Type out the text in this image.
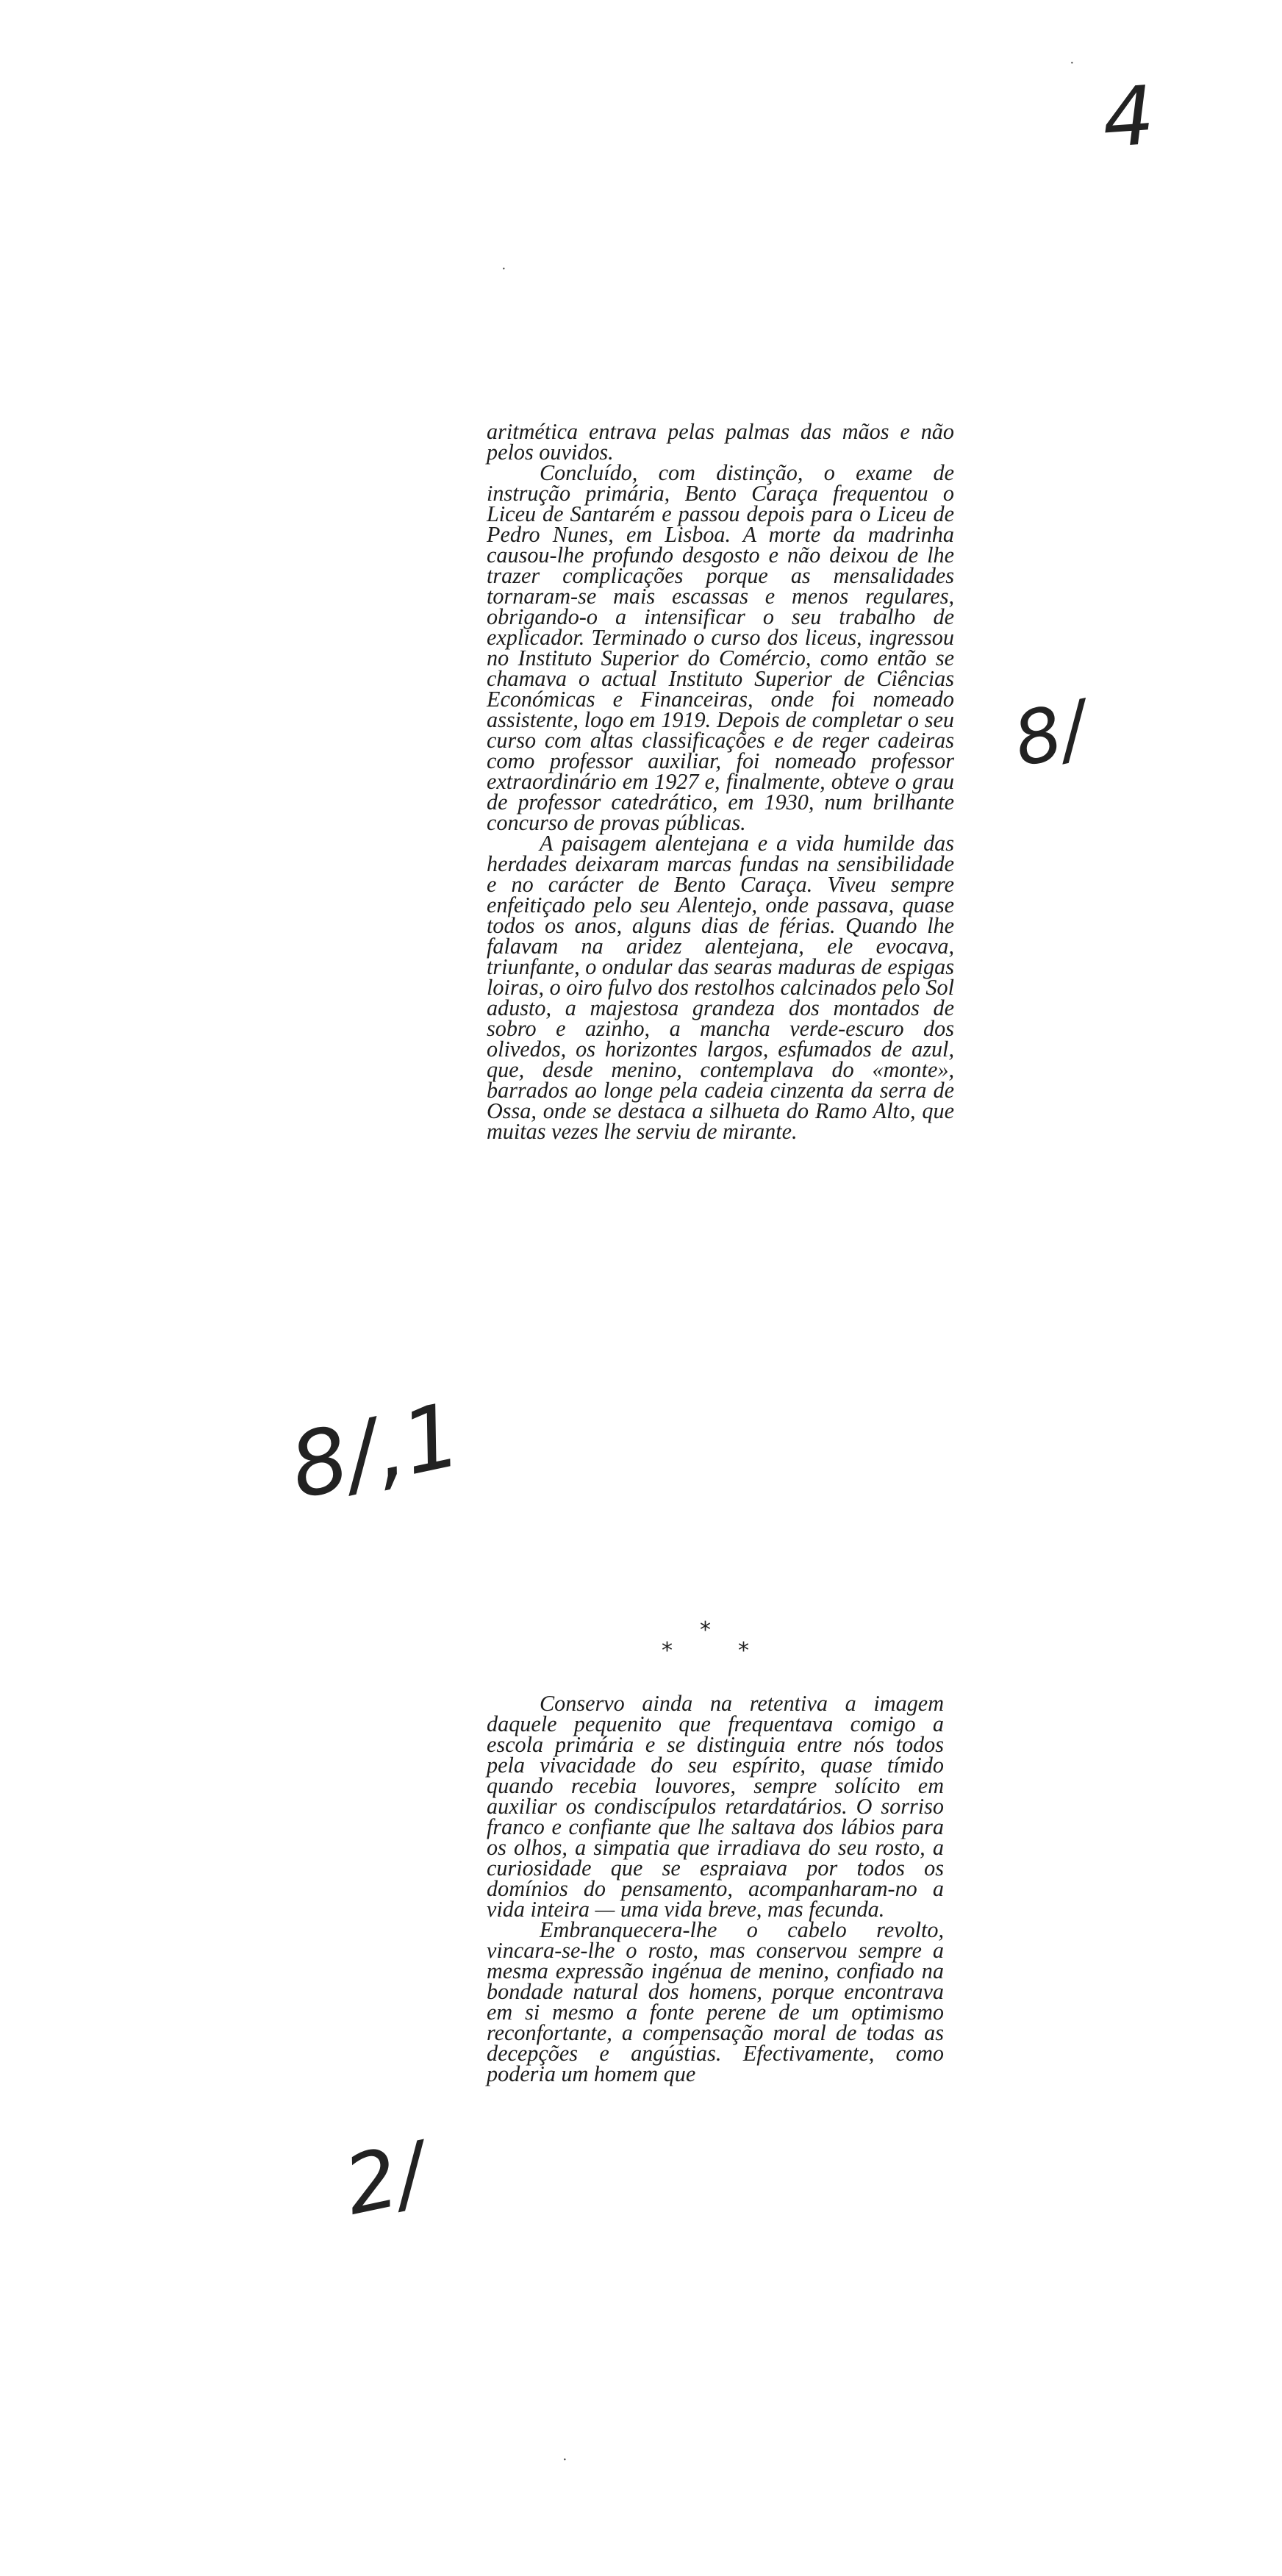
4

aritmética entrava pelas palmas das mãos e não pelos ouvidos.

Concluído, com distinção, o exame de instrução primária, Bento Caraça frequentou o Liceu de Santarém e passou depois para o Liceu de Pedro Nunes, em Lisboa. A morte da madrinha causou-lhe profundo desgosto e não deixou de lhe trazer complicações porque as mensalidades tornaram-se mais escassas e menos regulares, obrigando-o a intensificar o seu trabalho de explicador. Terminado o curso dos liceus, ingressou no Instituto Superior do Comércio, como então se chamava o actual Instituto Superior de Ciências Económicas e Financeiras, onde foi nomeado assistente, logo em 1919. Depois de completar o seu curso com altas classificações e de reger cadeiras como professor auxiliar, foi nomeado professor extraordinário em 1927 e, finalmente, obteve o grau de professor catedrático, em 1930, num brilhante concurso de provas públicas.

A paisagem alentejana e a vida humilde das herdades deixaram marcas fundas na sensibilidade e no carácter de Bento Caraça. Viveu sempre enfeitiçado pelo seu Alentejo, onde passava, quase todos os anos, alguns dias de férias. Quando lhe falavam na aridez alentejana, ele evocava, triunfante, o ondular das searas maduras de espigas loiras, o oiro fulvo dos restolhos calcinados pelo Sol adusto, a majestosa grandeza dos montados de sobro e azinho, a mancha verde-escuro dos olivedos, os horizontes largos, esfumados de azul, que, desde menino, contemplava do «monte», barrados ao longe pela cadeia cinzenta da serra de Ossa, onde se destaca a silhueta do Ramo Alto, que muitas vezes lhe serviu de mirante.

*
*	*

Conservo ainda na retentiva a imagem daquele pequenito que frequentava comigo a escola primária e se distinguia entre nós todos pela vivacidade do seu espírito, quase tímido quando recebia louvores, sempre solícito em auxiliar os condiscípulos retardatários. O sorriso franco e confiante que lhe saltava dos lábios para os olhos, a simpatia que irradiava do seu rosto, a curiosidade que se espraiava por todos os domínios do pensamento, acompanharam-no a vida inteira — uma vida breve, mas fecunda.

Embranquecera-lhe o cabelo revolto, vincara-se-lhe o rosto, mas conservou sempre a mesma expressão ingénua de menino, confiado na bondade natural dos homens, porque encontrava em si mesmo a fonte perene de um optimismo reconfortante, a compensação moral de todas as decepções e angústias. Efectivamente, como poderia um homem que

8/
8/,1
2/
·
·
·
